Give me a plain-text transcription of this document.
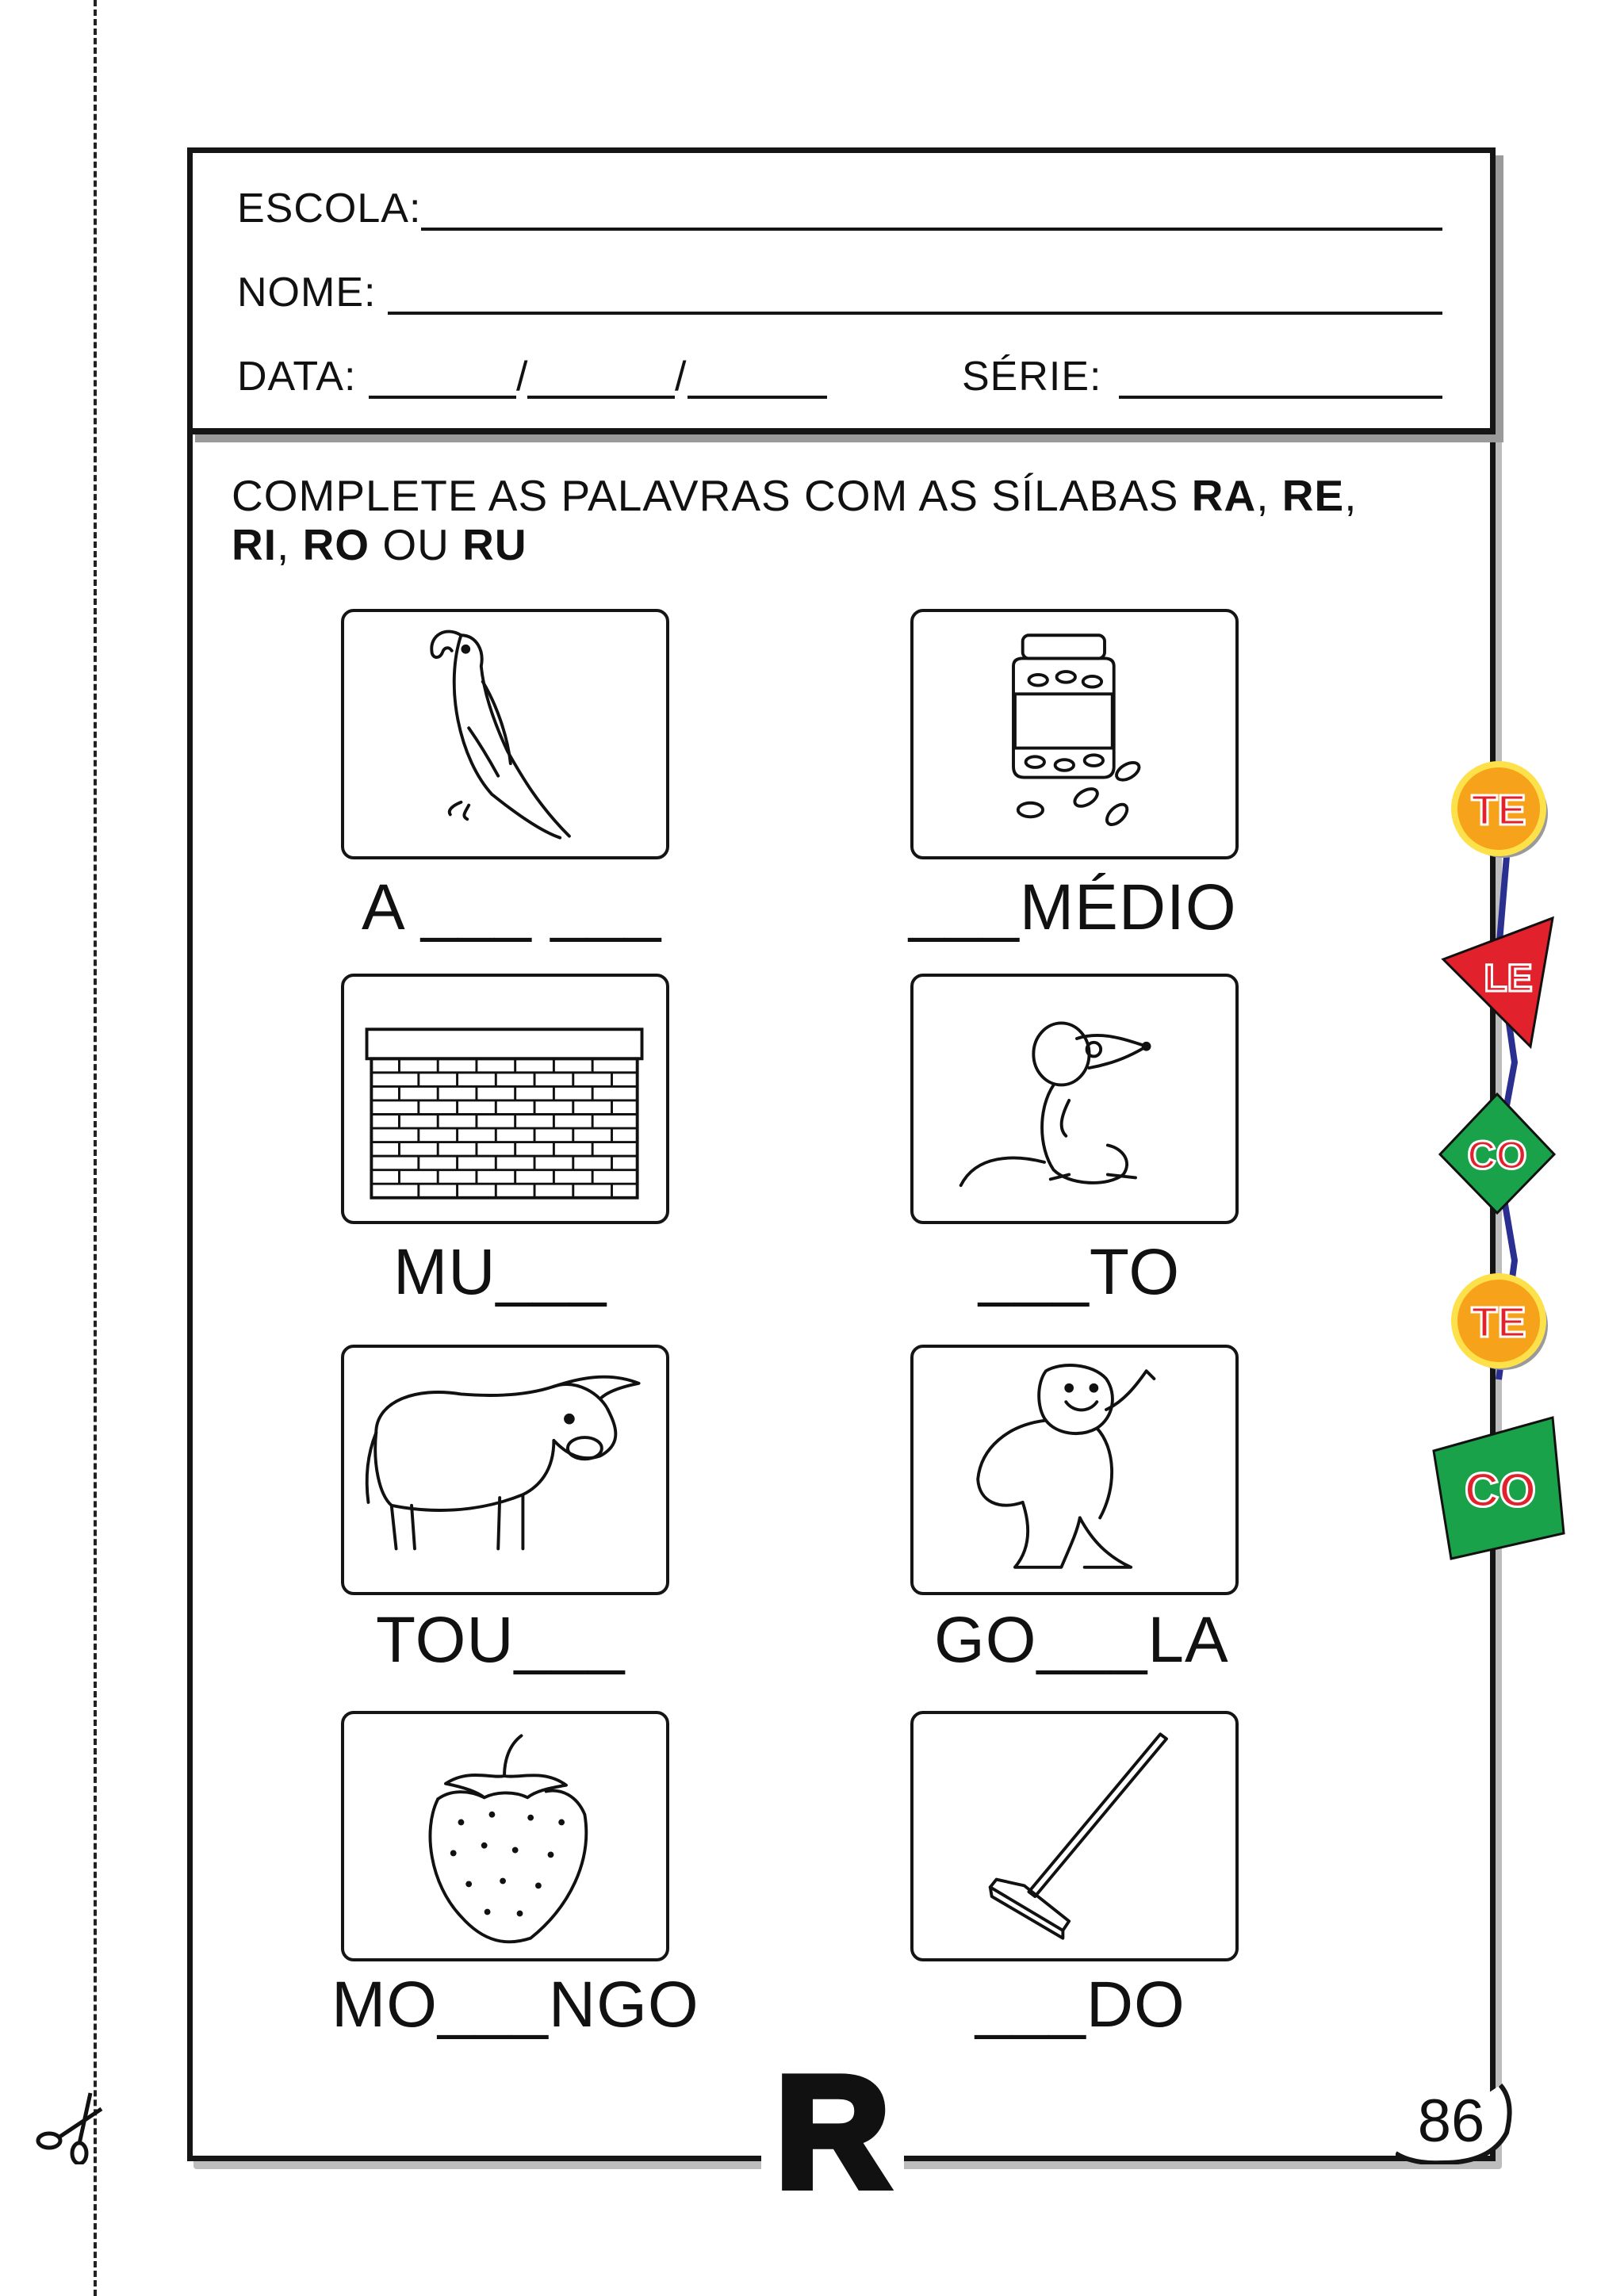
ESCOLA:
NOME:
DATA:	/	/	SÉRIE:
COMPLETE AS PALAVRAS COM AS SÍLABAS RA, RE,
RI, RO OU RU
A ___ ___	___MÉDIO
MU___	___TO
TOU___	GO___LA
MO___NGO	___DO
TE
LE
CO
TE
CO
R	86
